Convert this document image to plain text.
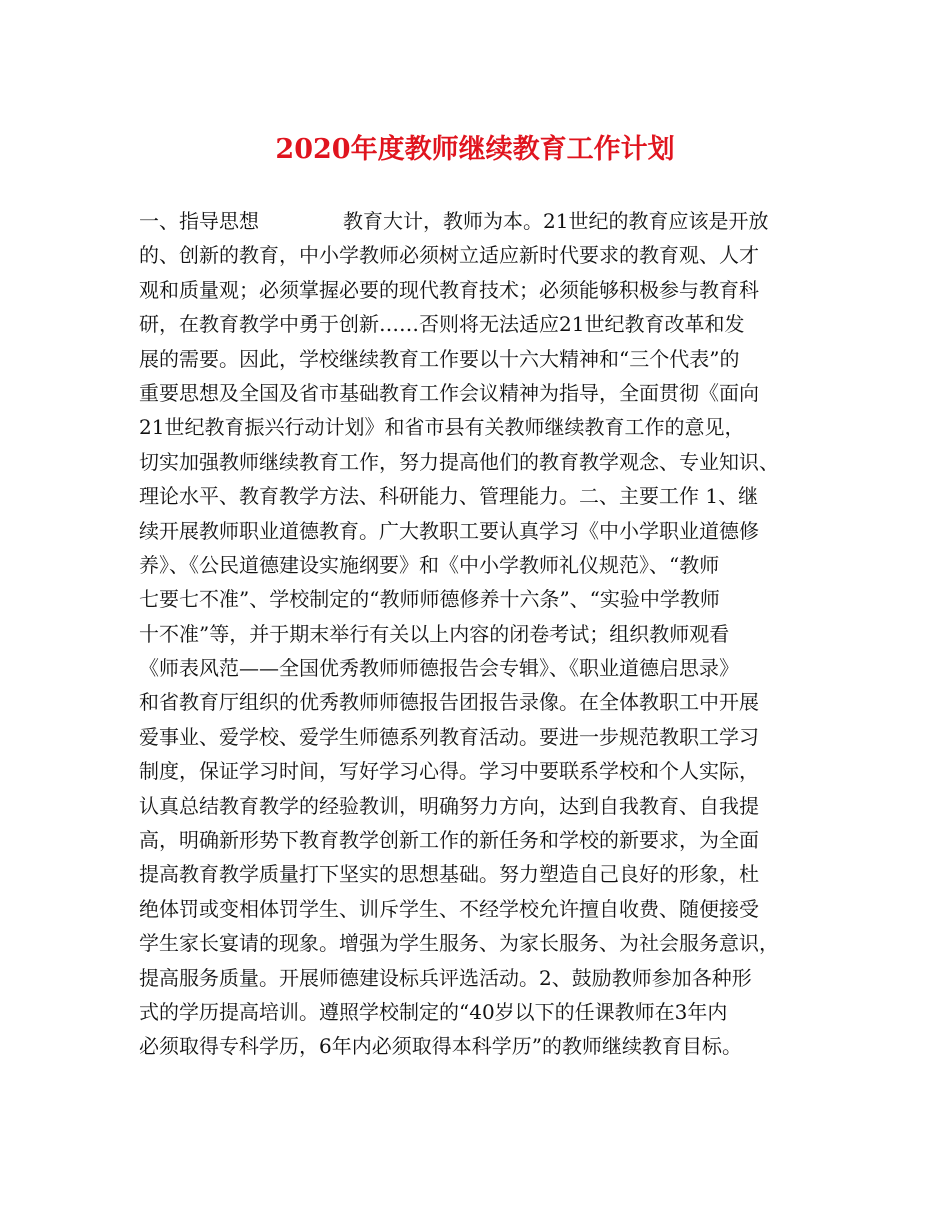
2020年度教师继续教育工作计划
一、指导思想	教育大计，教师为本。21世纪的教育应该是开放
的、创新的教育，中小学教师必须树立适应新时代要求的教育观、人才
观和质量观；必须掌握必要的现代教育技术；必须能够积极参与教育科
研，在教育教学中勇于创新……否则将无法适应21世纪教育改革和发
展的需要。因此，学校继续教育工作要以十六大精神和“三个代表”的
重要思想及全国及省市基础教育工作会议精神为指导，全面贯彻《面向
21世纪教育振兴行动计划》和省市县有关教师继续教育工作的意见，
切实加强教师继续教育工作，努力提高他们的教育教学观念、专业知识、
理论水平、教育教学方法、科研能力、管理能力。二、主要工作 1、继
续开展教师职业道德教育。广大教职工要认真学习《中小学职业道德修
养》、《公民道德建设实施纲要》和《中小学教师礼仪规范》、“教师
七要七不准”、学校制定的“教师师德修养十六条”、“实验中学教师
十不准”等，并于期末举行有关以上内容的闭卷考试；组织教师观看
《师表风范——全国优秀教师师德报告会专辑》、《职业道德启思录》
和省教育厅组织的优秀教师师德报告团报告录像。在全体教职工中开展
爱事业、爱学校、爱学生师德系列教育活动。要进一步规范教职工学习
制度，保证学习时间，写好学习心得。学习中要联系学校和个人实际，
认真总结教育教学的经验教训，明确努力方向，达到自我教育、自我提
高，明确新形势下教育教学创新工作的新任务和学校的新要求，为全面
提高教育教学质量打下坚实的思想基础。努力塑造自己良好的形象，杜
绝体罚或变相体罚学生、训斥学生、不经学校允许擅自收费、随便接受
学生家长宴请的现象。增强为学生服务、为家长服务、为社会服务意识，
提高服务质量。开展师德建设标兵评选活动。2、鼓励教师参加各种形
式的学历提高培训。遵照学校制定的“40岁以下的任课教师在3年内
必须取得专科学历，6年内必须取得本科学历”的教师继续教育目标。
